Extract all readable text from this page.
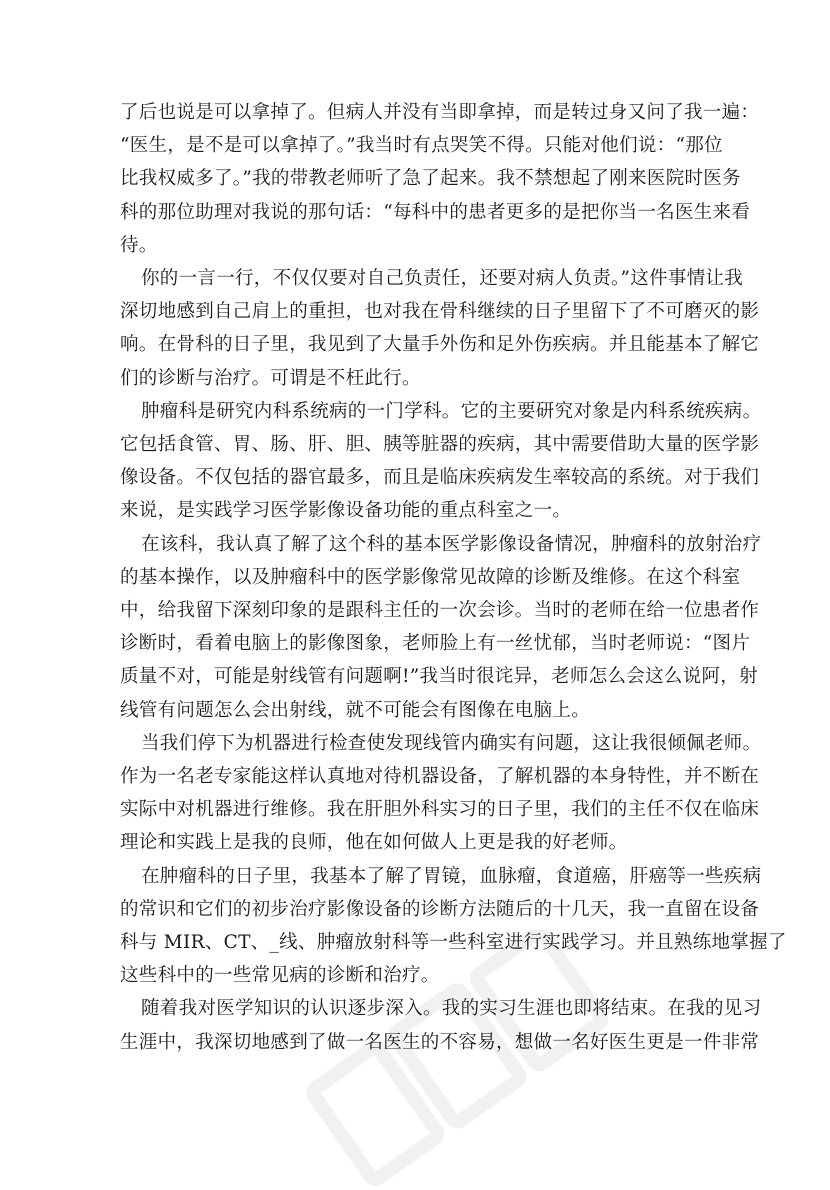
了后也说是可以拿掉了。但病人并没有当即拿掉，而是转过身又问了我一遍：
“医生，是不是可以拿掉了。”我当时有点哭笑不得。只能对他们说：“那位
比我权威多了。”我的带教老师听了急了起来。我不禁想起了刚来医院时医务
科的那位助理对我说的那句话：“每科中的患者更多的是把你当一名医生来看
待。
你的一言一行，不仅仅要对自己负责任，还要对病人负责。”这件事情让我
深切地感到自己肩上的重担，也对我在骨科继续的日子里留下了不可磨灭的影
响。在骨科的日子里，我见到了大量手外伤和足外伤疾病。并且能基本了解它
们的诊断与治疗。可谓是不枉此行。
肿瘤科是研究内科系统病的一门学科。它的主要研究对象是内科系统疾病。
它包括食管、胃、肠、肝、胆、胰等脏器的疾病，其中需要借助大量的医学影
像设备。不仅包括的器官最多，而且是临床疾病发生率较高的系统。对于我们
来说，是实践学习医学影像设备功能的重点科室之一。
在该科，我认真了解了这个科的基本医学影像设备情况，肿瘤科的放射治疗
的基本操作，以及肿瘤科中的医学影像常见故障的诊断及维修。在这个科室
中，给我留下深刻印象的是跟科主任的一次会诊。当时的老师在给一位患者作
诊断时，看着电脑上的影像图象，老师脸上有一丝忧郁，当时老师说：“图片
质量不对，可能是射线管有问题啊!”我当时很诧异，老师怎么会这么说阿，射
线管有问题怎么会出射线，就不可能会有图像在电脑上。
当我们停下为机器进行检查使发现线管内确实有问题，这让我很倾佩老师。
作为一名老专家能这样认真地对待机器设备，了解机器的本身特性，并不断在
实际中对机器进行维修。我在肝胆外科实习的日子里，我们的主任不仅在临床
理论和实践上是我的良师，他在如何做人上更是我的好老师。
在肿瘤科的日子里，我基本了解了胃镜，血脉瘤，食道癌，肝癌等一些疾病
的常识和它们的初步治疗影像设备的诊断方法随后的十几天，我一直留在设备
科与 MIR、CT、_线、肿瘤放射科等一些科室进行实践学习。并且熟练地掌握了
这些科中的一些常见病的诊断和治疗。
随着我对医学知识的认识逐步深入。我的实习生涯也即将结束。在我的见习
生涯中，我深切地感到了做一名医生的不容易，想做一名好医生更是一件非常
